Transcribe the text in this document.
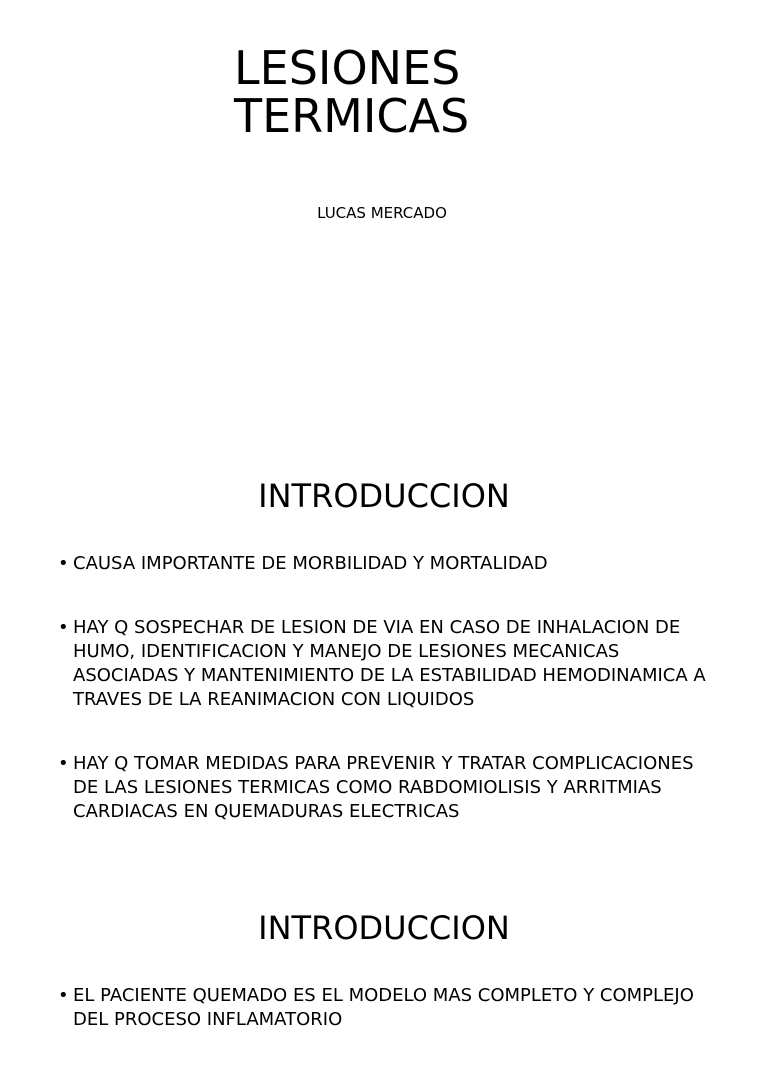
LESIONES
TERMICAS

LUCAS MERCADO

INTRODUCCION
• CAUSA IMPORTANTE DE MORBILIDAD Y MORTALIDAD
• HAY Q SOSPECHAR DE LESION DE VIA EN CASO DE INHALACION DE HUMO, IDENTIFICACION Y MANEJO DE LESIONES MECANICAS ASOCIADAS Y MANTENIMIENTO DE LA ESTABILIDAD HEMODINAMICA A TRAVES DE LA REANIMACION CON LIQUIDOS
• HAY Q TOMAR MEDIDAS PARA PREVENIR Y TRATAR COMPLICACIONES DE LAS LESIONES TERMICAS COMO RABDOMIOLISIS Y ARRITMIAS CARDIACAS EN QUEMADURAS ELECTRICAS
INTRODUCCION
• EL PACIENTE QUEMADO ES EL MODELO MAS COMPLETO Y COMPLEJO DEL PROCESO INFLAMATORIO
